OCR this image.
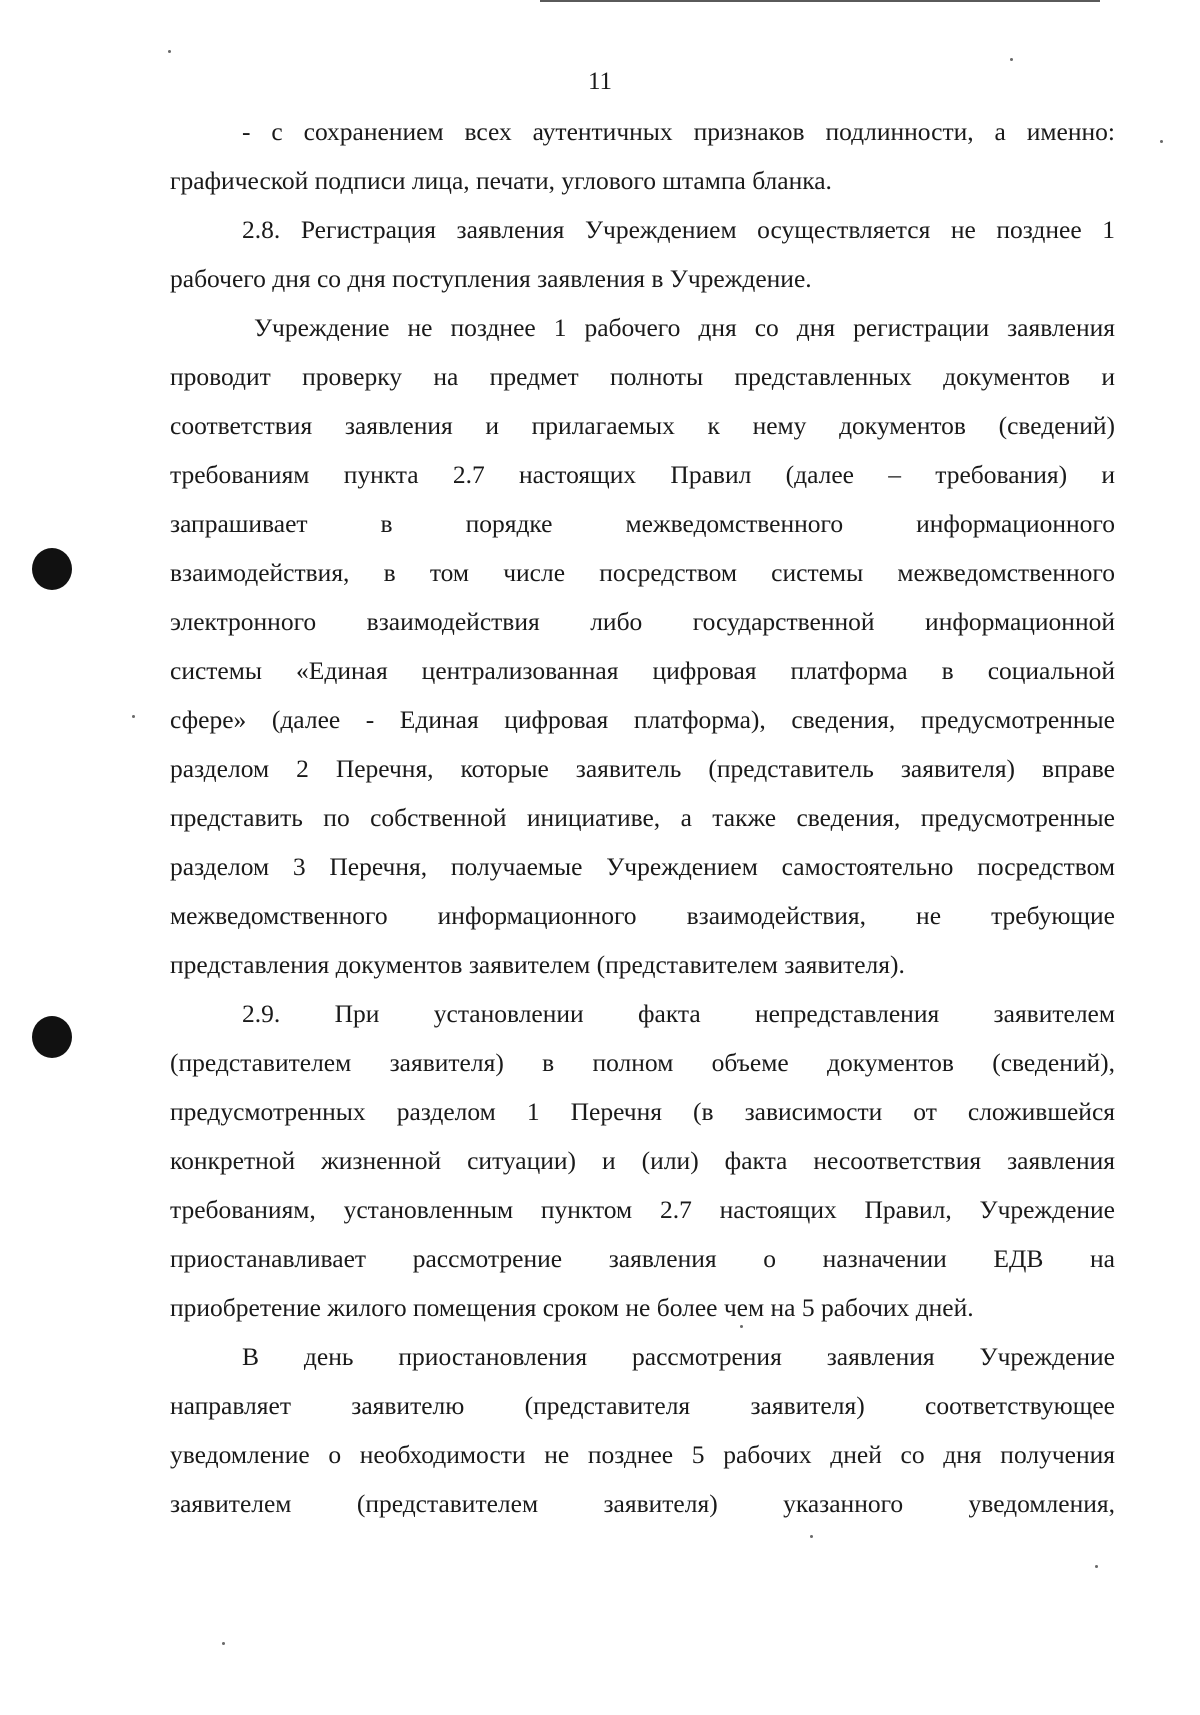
11
- с сохранением всех аутентичных признаков подлинности, а именно:
графической подписи лица, печати, углового штампа бланка.
2.8. Регистрация заявления Учреждением осуществляется не позднее 1
рабочего дня со дня поступления заявления в Учреждение.
Учреждение не позднее 1 рабочего дня со дня регистрации заявления
проводит проверку на предмет полноты представленных документов и
соответствия заявления и прилагаемых к нему документов (сведений)
требованиям пункта 2.7 настоящих Правил (далее – требования) и
запрашивает в порядке межведомственного информационного
взаимодействия, в том числе посредством системы межведомственного
электронного взаимодействия либо государственной информационной
системы «Единая централизованная цифровая платформа в социальной
сфере» (далее - Единая цифровая платформа), сведения, предусмотренные
разделом 2 Перечня, которые заявитель (представитель заявителя) вправе
представить по собственной инициативе, а также сведения, предусмотренные
разделом 3 Перечня, получаемые Учреждением самостоятельно посредством
межведомственного информационного взаимодействия, не требующие
представления документов заявителем (представителем заявителя).
2.9. При установлении факта непредставления заявителем
(представителем заявителя) в полном объеме документов (сведений),
предусмотренных разделом 1 Перечня (в зависимости от сложившейся
конкретной жизненной ситуации) и (или) факта несоответствия заявления
требованиям, установленным пунктом 2.7 настоящих Правил, Учреждение
приостанавливает рассмотрение заявления о назначении ЕДВ на
приобретение жилого помещения сроком не более чем на 5 рабочих дней.
В день приостановления рассмотрения заявления Учреждение
направляет заявителю (представителя заявителя) соответствующее
уведомление о необходимости не позднее 5 рабочих дней со дня получения
заявителем (представителем заявителя) указанного уведомления,
